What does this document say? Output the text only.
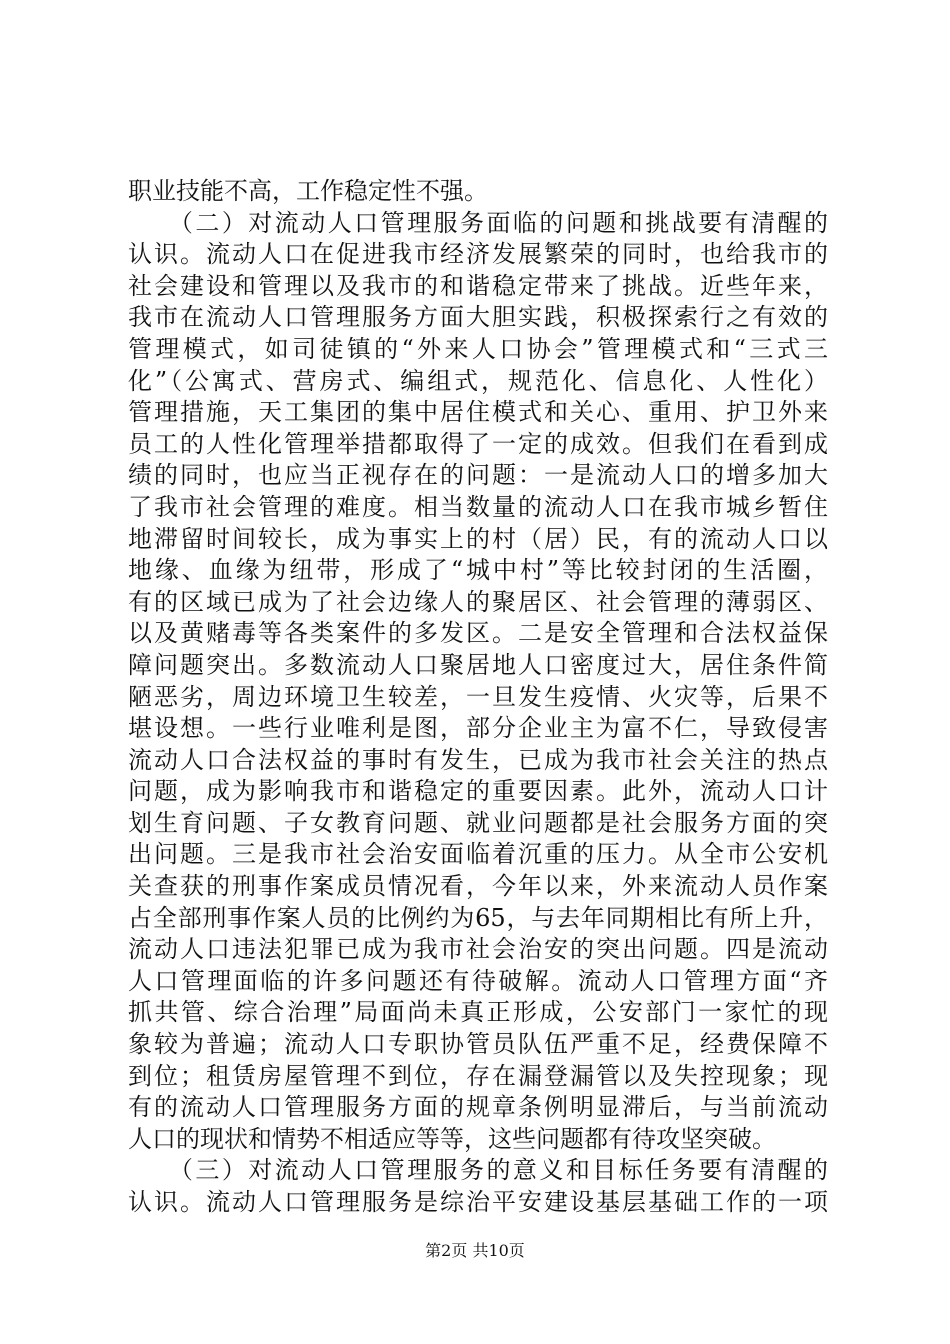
职业技能不高，工作稳定性不强。
　　（二）对流动人口管理服务面临的问题和挑战要有清醒的
认识。流动人口在促进我市经济发展繁荣的同时，也给我市的
社会建设和管理以及我市的和谐稳定带来了挑战。近些年来，
我市在流动人口管理服务方面大胆实践，积极探索行之有效的
管理模式，如司徒镇的“外来人口协会”管理模式和“三式三
化”（公寓式、营房式、编组式，规范化、信息化、人性化）
管理措施，天工集团的集中居住模式和关心、重用、护卫外来
员工的人性化管理举措都取得了一定的成效。但我们在看到成
绩的同时，也应当正视存在的问题：一是流动人口的增多加大
了我市社会管理的难度。相当数量的流动人口在我市城乡暂住
地滞留时间较长，成为事实上的村（居）民，有的流动人口以
地缘、血缘为纽带，形成了“城中村”等比较封闭的生活圈，
有的区域已成为了社会边缘人的聚居区、社会管理的薄弱区、
以及黄赌毒等各类案件的多发区。二是安全管理和合法权益保
障问题突出。多数流动人口聚居地人口密度过大，居住条件简
陋恶劣，周边环境卫生较差，一旦发生疫情、火灾等，后果不
堪设想。一些行业唯利是图，部分企业主为富不仁，导致侵害
流动人口合法权益的事时有发生，已成为我市社会关注的热点
问题，成为影响我市和谐稳定的重要因素。此外，流动人口计
划生育问题、子女教育问题、就业问题都是社会服务方面的突
出问题。三是我市社会治安面临着沉重的压力。从全市公安机
关查获的刑事作案成员情况看，今年以来，外来流动人员作案
占全部刑事作案人员的比例约为65，与去年同期相比有所上升，
流动人口违法犯罪已成为我市社会治安的突出问题。四是流动
人口管理面临的许多问题还有待破解。流动人口管理方面“齐
抓共管、综合治理”局面尚未真正形成，公安部门一家忙的现
象较为普遍；流动人口专职协管员队伍严重不足，经费保障不
到位；租赁房屋管理不到位，存在漏登漏管以及失控现象；现
有的流动人口管理服务方面的规章条例明显滞后，与当前流动
人口的现状和情势不相适应等等，这些问题都有待攻坚突破。
　　（三）对流动人口管理服务的意义和目标任务要有清醒的
认识。流动人口管理服务是综治平安建设基层基础工作的一项
第2页 共10页
